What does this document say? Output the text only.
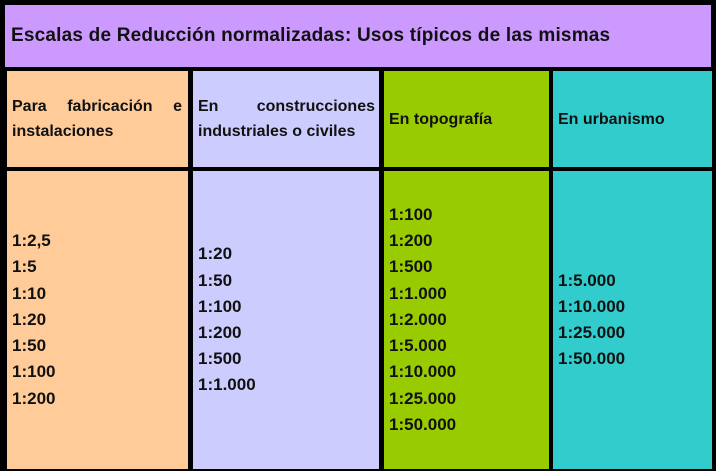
Escalas de Reducción normalizadas: Usos típicos de las mismas
Para fabricación e instalaciones
En construcciones industriales o civiles
En topografía	En urbanismo
1:2,5
1:5
1:10
1:20
1:50
1:100
1:200
1:20
1:50
1:100
1:200
1:500
1:1.000
1:100
1:200
1:500
1:1.000
1:2.000
1:5.000
1:10.000
1:25.000
1:50.000
1:5.000
1:10.000
1:25.000
1:50.000
